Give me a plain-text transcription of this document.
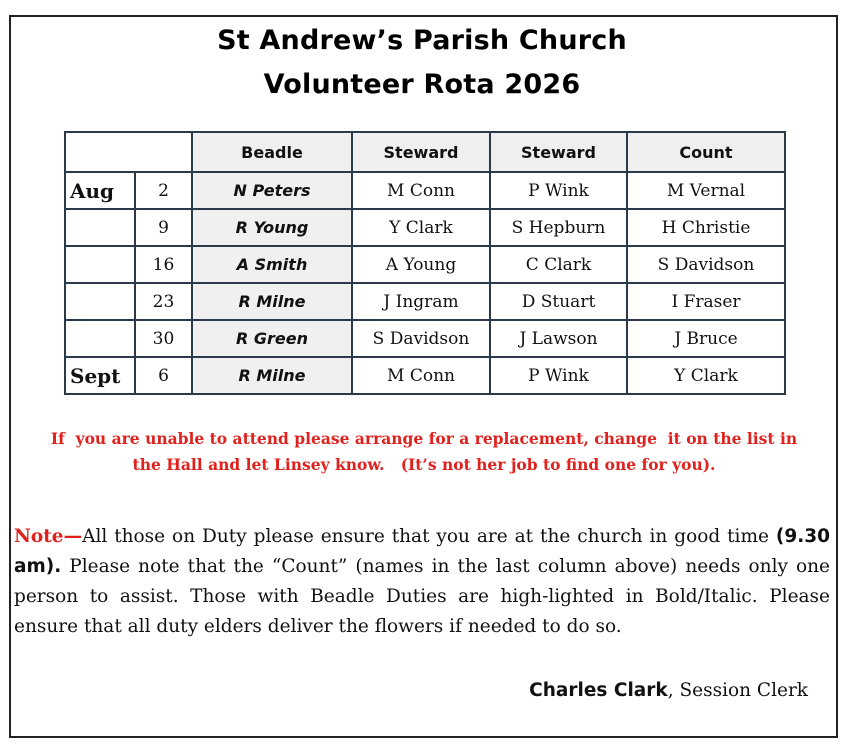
St Andrew’s Parish Church
Volunteer Rota 2026
		Beadle	Steward	Steward	Count
Aug	2	N Peters	M Conn	P Wink	M Vernal
	9	R Young	Y Clark	S Hepburn	H Christie
	16	A Smith	A Young	C Clark	S Davidson
	23	R Milne	J Ingram	D Stuart	I Fraser
	30	R Green	S Davidson	J Lawson	J Bruce
Sept	6	R Milne	M Conn	P Wink	Y Clark
If  you are unable to attend please arrange for a replacement, change  it on the list in
the Hall and let Linsey know.   (It’s not her job to find one for you).
Note—All those on Duty please ensure that you are at the church in good time (9.30 am). Please note that the “Count” (names in the last column above) needs only one person to assist. Those with Beadle Duties are high-lighted in Bold/Italic. Please ensure that all duty elders deliver the flowers if needed to do so.
Charles Clark, Session Clerk
